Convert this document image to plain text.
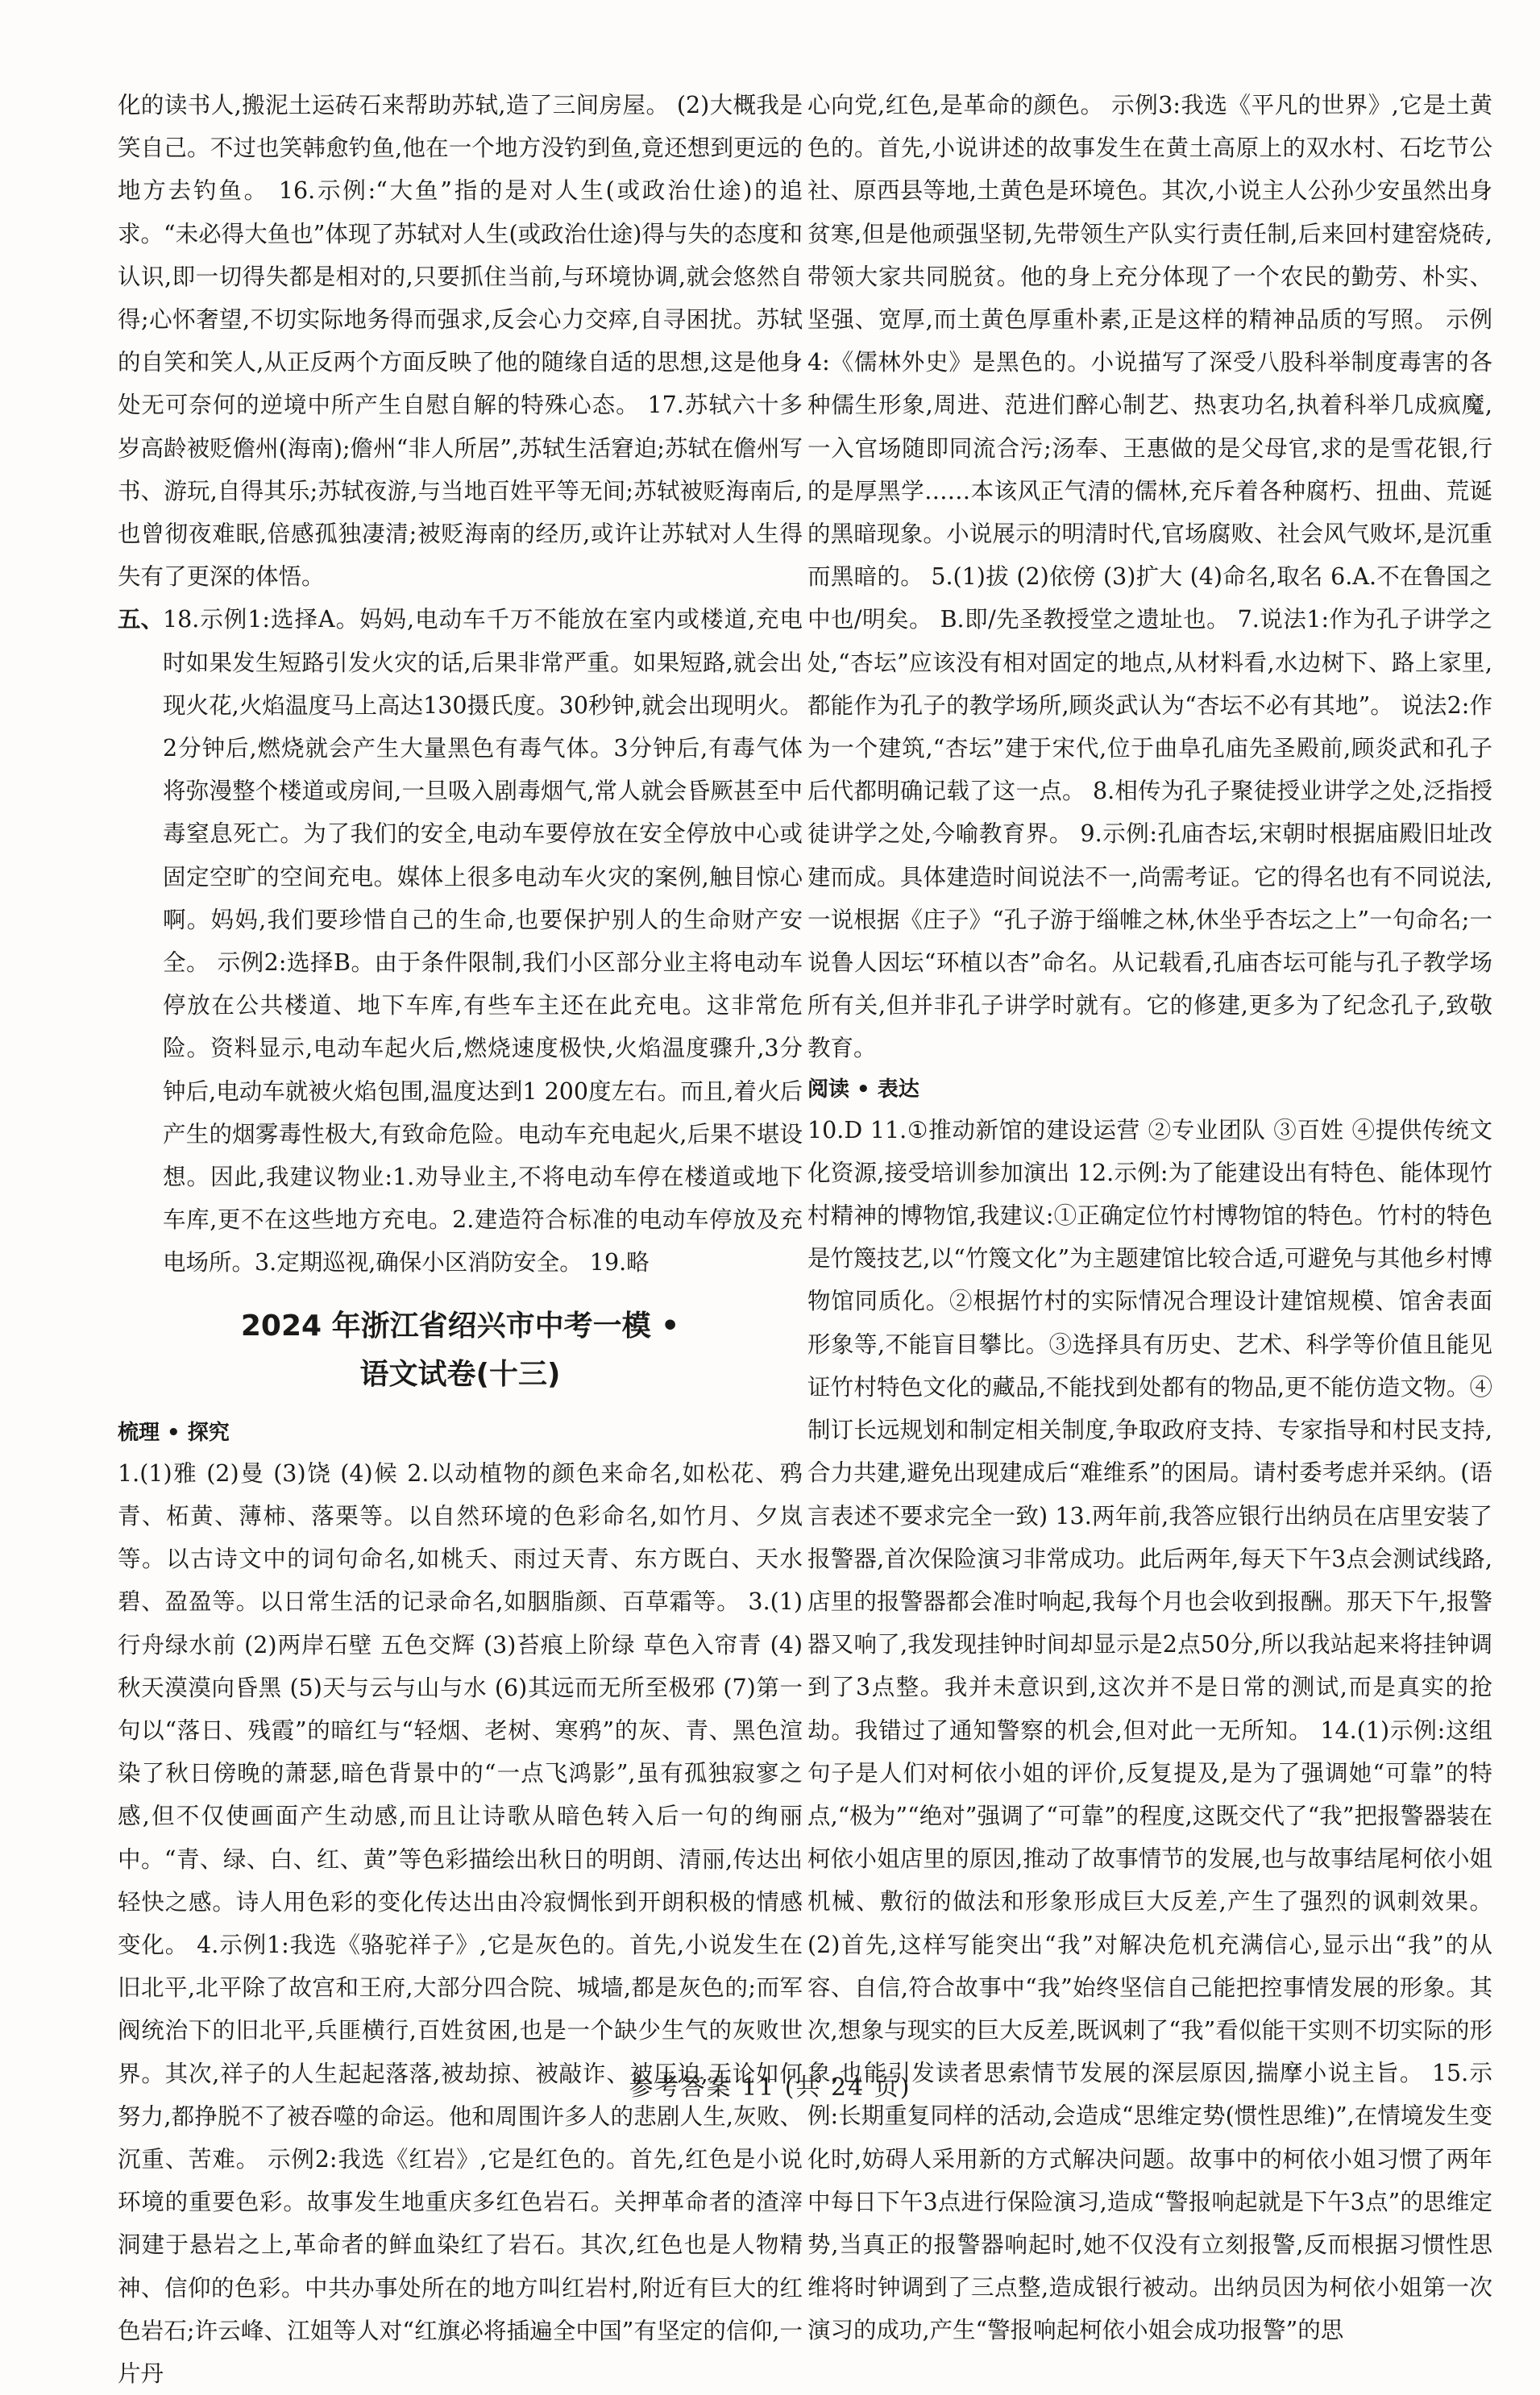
化的读书人,搬泥土运砖石来帮助苏轼,造了三间房屋。 (2)大概我是笑自己。不过也笑韩愈钓鱼,他在一个地方没钓到鱼,竟还想到更远的地方去钓鱼。 16.示例:“大鱼”指的是对人生(或政治仕途)的追求。“未必得大鱼也”体现了苏轼对人生(或政治仕途)得与失的态度和认识,即一切得失都是相对的,只要抓住当前,与环境协调,就会悠然自得;心怀奢望,不切实际地务得而强求,反会心力交瘁,自寻困扰。苏轼的自笑和笑人,从正反两个方面反映了他的随缘自适的思想,这是他身处无可奈何的逆境中所产生自慰自解的特殊心态。 17.苏轼六十多岁高龄被贬儋州(海南);儋州“非人所居”,苏轼生活窘迫;苏轼在儋州写书、游玩,自得其乐;苏轼夜游,与当地百姓平等无间;苏轼被贬海南后,也曾彻夜难眠,倍感孤独凄清;被贬海南的经历,或许让苏轼对人生得失有了更深的体悟。

五、18.示例1:选择A。妈妈,电动车千万不能放在室内或楼道,充电时如果发生短路引发火灾的话,后果非常严重。如果短路,就会出现火花,火焰温度马上高达130摄氏度。30秒钟,就会出现明火。2分钟后,燃烧就会产生大量黑色有毒气体。3分钟后,有毒气体将弥漫整个楼道或房间,一旦吸入剧毒烟气,常人就会昏厥甚至中毒窒息死亡。为了我们的安全,电动车要停放在安全停放中心或固定空旷的空间充电。媒体上很多电动车火灾的案例,触目惊心啊。妈妈,我们要珍惜自己的生命,也要保护别人的生命财产安全。 示例2:选择B。由于条件限制,我们小区部分业主将电动车停放在公共楼道、地下车库,有些车主还在此充电。这非常危险。资料显示,电动车起火后,燃烧速度极快,火焰温度骤升,3分钟后,电动车就被火焰包围,温度达到1 200度左右。而且,着火后产生的烟雾毒性极大,有致命危险。电动车充电起火,后果不堪设想。因此,我建议物业:1.劝导业主,不将电动车停在楼道或地下车库,更不在这些地方充电。2.建造符合标准的电动车停放及充电场所。3.定期巡视,确保小区消防安全。 19.略

2024 年浙江省绍兴市中考一模 •
语文试卷(十三)

梳理 • 探究

1.(1)雅 (2)曼 (3)饶 (4)候 2.以动植物的颜色来命名,如松花、鸦青、柘黄、薄柿、落栗等。以自然环境的色彩命名,如竹月、夕岚等。以古诗文中的词句命名,如桃夭、雨过天青、东方既白、天水碧、盈盈等。以日常生活的记录命名,如胭脂颜、百草霜等。 3.(1)行舟绿水前 (2)两岸石壁 五色交辉 (3)苔痕上阶绿 草色入帘青 (4)秋天漠漠向昏黑 (5)天与云与山与水 (6)其远而无所至极邪 (7)第一句以“落日、残霞”的暗红与“轻烟、老树、寒鸦”的灰、青、黑色渲染了秋日傍晚的萧瑟,暗色背景中的“一点飞鸿影”,虽有孤独寂寥之感,但不仅使画面产生动感,而且让诗歌从暗色转入后一句的绚丽中。“青、绿、白、红、黄”等色彩描绘出秋日的明朗、清丽,传达出轻快之感。诗人用色彩的变化传达出由冷寂惆怅到开朗积极的情感变化。 4.示例1:我选《骆驼祥子》,它是灰色的。首先,小说发生在旧北平,北平除了故宫和王府,大部分四合院、城墙,都是灰色的;而军阀统治下的旧北平,兵匪横行,百姓贫困,也是一个缺少生气的灰败世界。其次,祥子的人生起起落落,被劫掠、被敲诈、被压迫,无论如何努力,都挣脱不了被吞噬的命运。他和周围许多人的悲剧人生,灰败、沉重、苦难。 示例2:我选《红岩》,它是红色的。首先,红色是小说环境的重要色彩。故事发生地重庆多红色岩石。关押革命者的渣滓洞建于悬岩之上,革命者的鲜血染红了岩石。其次,红色也是人物精神、信仰的色彩。中共办事处所在的地方叫红岩村,附近有巨大的红色岩石;许云峰、江姐等人对“红旗必将插遍全中国”有坚定的信仰,一片丹

心向党,红色,是革命的颜色。 示例3:我选《平凡的世界》,它是土黄色的。首先,小说讲述的故事发生在黄土高原上的双水村、石圪节公社、原西县等地,土黄色是环境色。其次,小说主人公孙少安虽然出身贫寒,但是他顽强坚韧,先带领生产队实行责任制,后来回村建窑烧砖,带领大家共同脱贫。他的身上充分体现了一个农民的勤劳、朴实、坚强、宽厚,而土黄色厚重朴素,正是这样的精神品质的写照。 示例4:《儒林外史》是黑色的。小说描写了深受八股科举制度毒害的各种儒生形象,周进、范进们醉心制艺、热衷功名,执着科举几成疯魔,一入官场随即同流合污;汤奉、王惠做的是父母官,求的是雪花银,行的是厚黑学……本该风正气清的儒林,充斥着各种腐朽、扭曲、荒诞的黑暗现象。小说展示的明清时代,官场腐败、社会风气败坏,是沉重而黑暗的。 5.(1)拔 (2)依傍 (3)扩大 (4)命名,取名 6.A.不在鲁国之中也/明矣。 B.即/先圣教授堂之遗址也。 7.说法1:作为孔子讲学之处,“杏坛”应该没有相对固定的地点,从材料看,水边树下、路上家里,都能作为孔子的教学场所,顾炎武认为“杏坛不必有其地”。 说法2:作为一个建筑,“杏坛”建于宋代,位于曲阜孔庙先圣殿前,顾炎武和孔子后代都明确记载了这一点。 8.相传为孔子聚徒授业讲学之处,泛指授徒讲学之处,今喻教育界。 9.示例:孔庙杏坛,宋朝时根据庙殿旧址改建而成。具体建造时间说法不一,尚需考证。它的得名也有不同说法,一说根据《庄子》“孔子游于缁帷之林,休坐乎杏坛之上”一句命名;一说鲁人因坛“环植以杏”命名。从记载看,孔庙杏坛可能与孔子教学场所有关,但并非孔子讲学时就有。它的修建,更多为了纪念孔子,致敬教育。

阅读 • 表达

10.D 11.①推动新馆的建设运营 ②专业团队 ③百姓 ④提供传统文化资源,接受培训参加演出 12.示例:为了能建设出有特色、能体现竹村精神的博物馆,我建议:①正确定位竹村博物馆的特色。竹村的特色是竹篾技艺,以“竹篾文化”为主题建馆比较合适,可避免与其他乡村博物馆同质化。②根据竹村的实际情况合理设计建馆规模、馆舍表面形象等,不能盲目攀比。③选择具有历史、艺术、科学等价值且能见证竹村特色文化的藏品,不能找到处都有的物品,更不能仿造文物。④制订长远规划和制定相关制度,争取政府支持、专家指导和村民支持,合力共建,避免出现建成后“难维系”的困局。请村委考虑并采纳。(语言表述不要求完全一致) 13.两年前,我答应银行出纳员在店里安装了报警器,首次保险演习非常成功。此后两年,每天下午3点会测试线路,店里的报警器都会准时响起,我每个月也会收到报酬。那天下午,报警器又响了,我发现挂钟时间却显示是2点50分,所以我站起来将挂钟调到了3点整。我并未意识到,这次并不是日常的测试,而是真实的抢劫。我错过了通知警察的机会,但对此一无所知。 14.(1)示例:这组句子是人们对柯依小姐的评价,反复提及,是为了强调她“可靠”的特点,“极为”“绝对”强调了“可靠”的程度,这既交代了“我”把报警器装在柯依小姐店里的原因,推动了故事情节的发展,也与故事结尾柯依小姐机械、敷衍的做法和形象形成巨大反差,产生了强烈的讽刺效果。 (2)首先,这样写能突出“我”对解决危机充满信心,显示出“我”的从容、自信,符合故事中“我”始终坚信自己能把控事情发展的形象。其次,想象与现实的巨大反差,既讽刺了“我”看似能干实则不切实际的形象,也能引发读者思索情节发展的深层原因,揣摩小说主旨。 15.示例:长期重复同样的活动,会造成“思维定势(惯性思维)”,在情境发生变化时,妨碍人采用新的方式解决问题。故事中的柯依小姐习惯了两年中每日下午3点进行保险演习,造成“警报响起就是下午3点”的思维定势,当真正的报警器响起时,她不仅没有立刻报警,反而根据习惯性思维将时钟调到了三点整,造成银行被动。出纳员因为柯依小姐第一次演习的成功,产生“警报响起柯依小姐会成功报警”的思

参考答案 11 (共 24 页)
